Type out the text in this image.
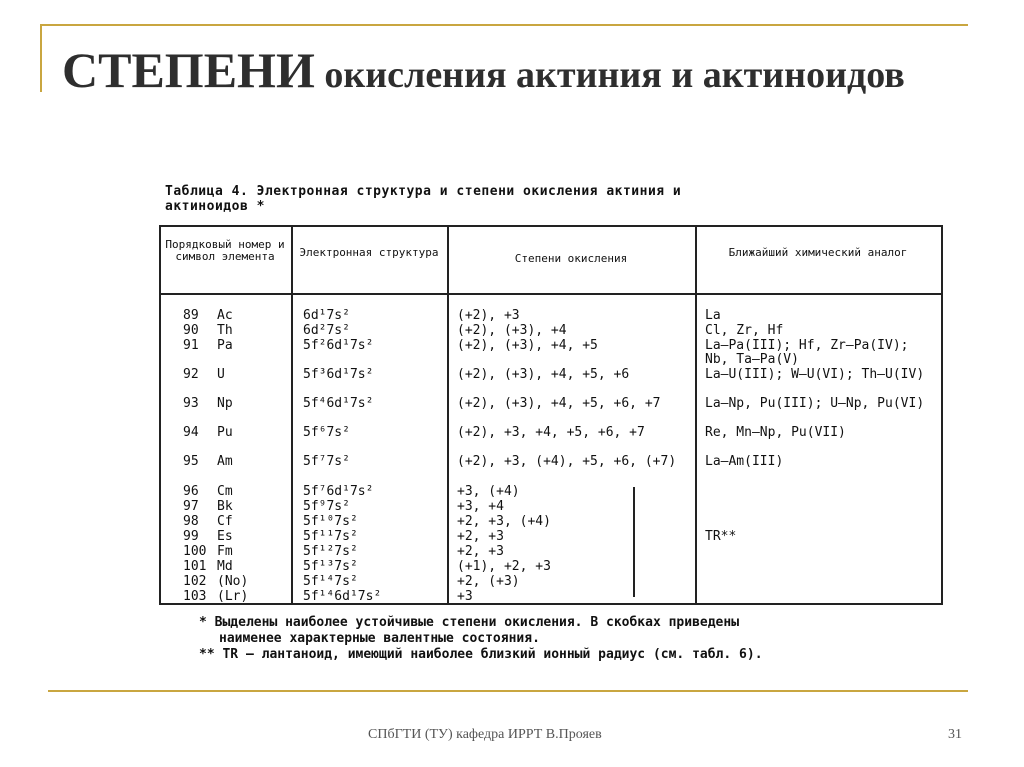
СТЕПЕНИ окисления актиния и актиноидов
Таблица 4. Электронная структура и степени окисления актиния и
актиноидов *
Порядковый номер и символ элемента	Электронная структура	Степени окисления	Ближайший химический аналог
89 Ac	6d¹7s²	(+2), +3	La
90 Th	6d²7s²	(+2), (+3), +4	Cl, Zr, Hf
91 Pa	5f²6d¹7s²	(+2), (+3), +4, +5	La—Pa(III); Hf, Zr—Pa(IV); Nb, Ta—Pa(V)
92 U	5f³6d¹7s²	(+2), (+3), +4, +5, +6	La—U(III); W—U(VI); Th—U(IV)
93 Np	5f⁴6d¹7s²	(+2), (+3), +4, +5, +6, +7	La—Np, Pu(III); U—Np, Pu(VI)
94 Pu	5f⁶7s²	(+2), +3, +4, +5, +6, +7	Re, Mn—Np, Pu(VII)
95 Am	5f⁷7s²	(+2), +3, (+4), +5, +6, (+7)	La—Am(III)
96 Cm	5f⁷6d¹7s²	+3, (+4)
97 Bk	5f⁹7s²	+3, +4
98 Cf	5f¹⁰7s²	+2, +3, (+4)
99 Es	5f¹¹7s²	+2, +3	TR**
100 Fm	5f¹²7s²	+2, +3
101 Md	5f¹³7s²	(+1), +2, +3
102 (No)	5f¹⁴7s²	+2, (+3)
103 (Lr)	5f¹⁴6d¹7s²	+3
* Выделены наиболее устойчивые степени окисления. В скобках приведены
наименее характерные валентные состояния.
** TR — лантаноид, имеющий наиболее близкий ионный радиус (см. табл. 6).
СПбГТИ (ТУ) кафедра ИРРТ В.Прояев	31
